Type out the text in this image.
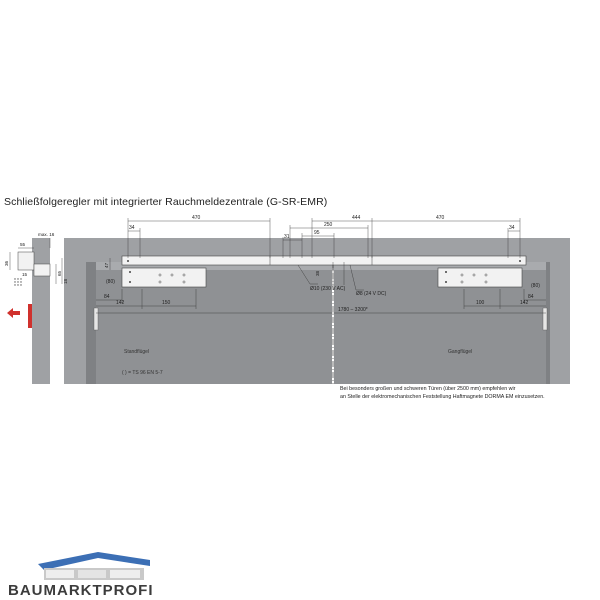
Schließfolgeregler mit integrierter Rauchmeldezentrale (G-SR-EMR)
470	444	470
250
95
31
34	34
47
(80)
(80)
84	84
142	142
150	100
38
1780 – 3200*
Ø10 (230 V AC)
Ø8 (24 V DC)
Standflügel	Gangflügel
( ) = TS 96 EN 5-7
max. 16
55
36
15	65
18
Bei besonders großen und schweren Türen (über 2500 mm) empfehlen wir
an Stelle der elektromechanischen Feststellung Haftmagnete DORMA EM einzusetzen.
BAUMARKTPROFI
